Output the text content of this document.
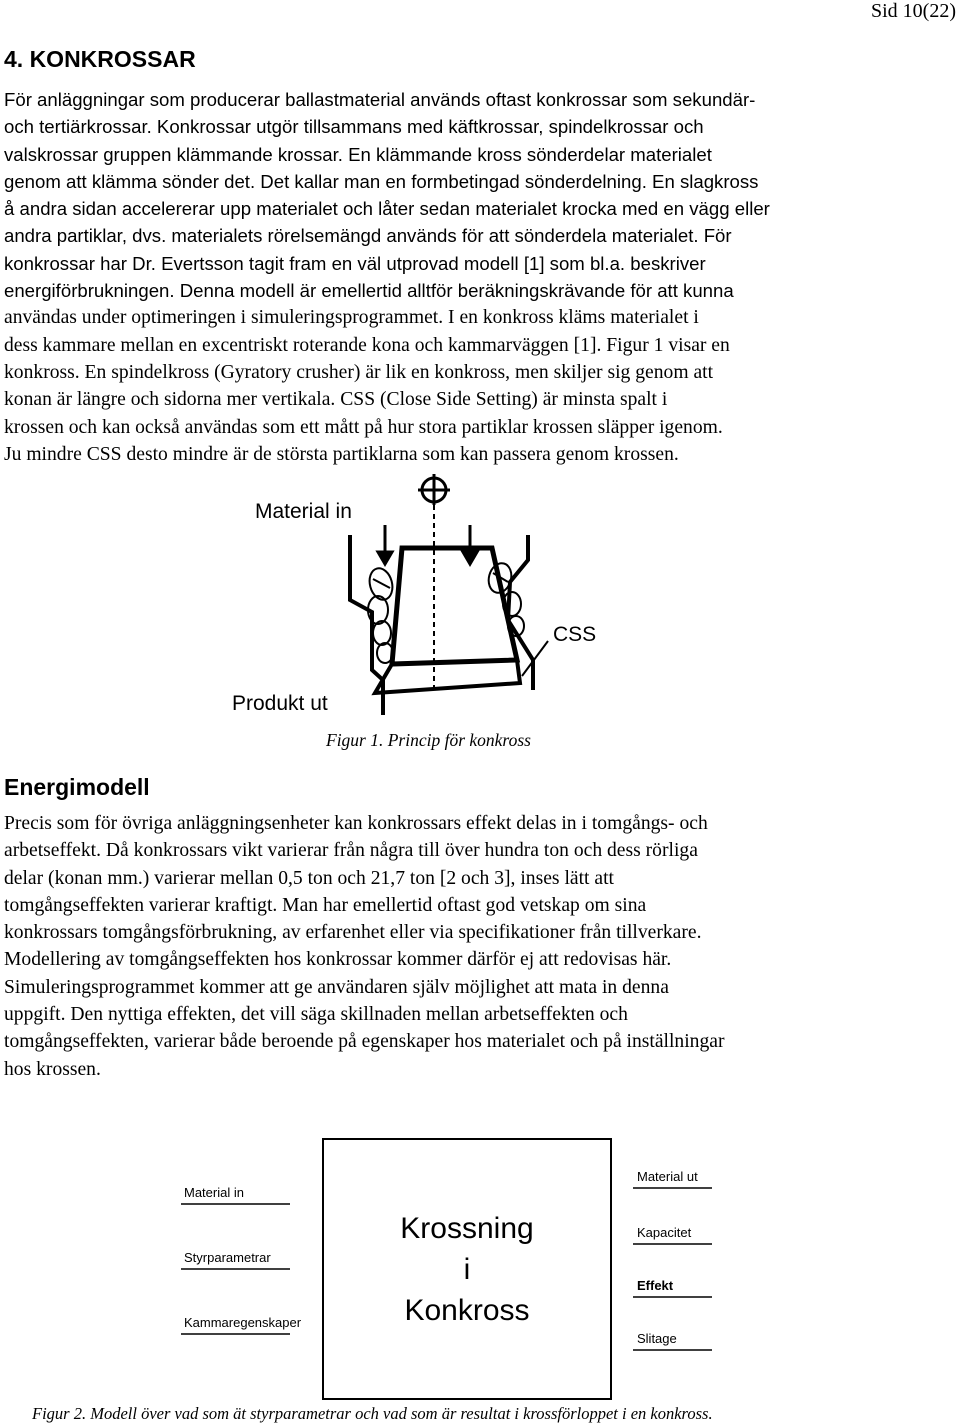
Sid 10(22)
4. KONKROSSAR
För anläggningar som producerar ballastmaterial används oftast konkrossar som sekundär-
och tertiärkrossar. Konkrossar utgör tillsammans med käftkrossar, spindelkrossar och
valskrossar gruppen klämmande krossar. En klämmande kross sönderdelar materialet
genom att klämma sönder det. Det kallar man en formbetingad sönderdelning. En slagkross
å andra sidan accelererar upp materialet och låter sedan materialet krocka med en vägg eller
andra partiklar, dvs. materialets rörelsemängd används för att sönderdela materialet. För
konkrossar har Dr. Evertsson tagit fram en väl utprovad modell [1] som bl.a. beskriver
energiförbrukningen. Denna modell är emellertid alltför beräkningskrävande för att kunna
användas under optimeringen i simuleringsprogrammet. I en konkross kläms materialet i
dess kammare mellan en excentriskt roterande kona och kammarväggen [1]. Figur 1 visar en
konkross. En spindelkross (Gyratory crusher) är lik en konkross, men skiljer sig genom att
konan är längre och sidorna mer vertikala. CSS (Close Side Setting) är minsta spalt i
krossen och kan också användas som ett mått på hur stora partiklar krossen släpper igenom.
Ju mindre CSS desto mindre är de största partiklarna som kan passera genom krossen.
Material in
CSS
Produkt ut
Figur 1. Princip för konkross
Energimodell
Precis som för övriga anläggningsenheter kan konkrossars effekt delas in i tomgångs- och
arbetseffekt. Då konkrossars vikt varierar från några till över hundra ton och dess rörliga
delar (konan mm.) varierar mellan 0,5 ton och 21,7 ton [2 och 3], inses lätt att
tomgångseffekten varierar kraftigt. Man har emellertid oftast god vetskap om sina
konkrossars tomgångsförbrukning, av erfarenhet eller via specifikationer från tillverkare.
Modellering av tomgångseffekten hos konkrossar kommer därför ej att redovisas här.
Simuleringsprogrammet kommer att ge användaren själv möjlighet att mata in denna
uppgift. Den nyttiga effekten, det vill säga skillnaden mellan arbetseffekten och
tomgångseffekten, varierar både beroende på egenskaper hos materialet och på inställningar
hos krossen.
Krossning
i
Konkross
Material in
Styrparametrar
Kammaregenskaper
Material ut
Kapacitet
Effekt
Slitage
Figur 2. Modell över vad som ät styrparametrar och vad som är resultat i krossförloppet i en konkross.
